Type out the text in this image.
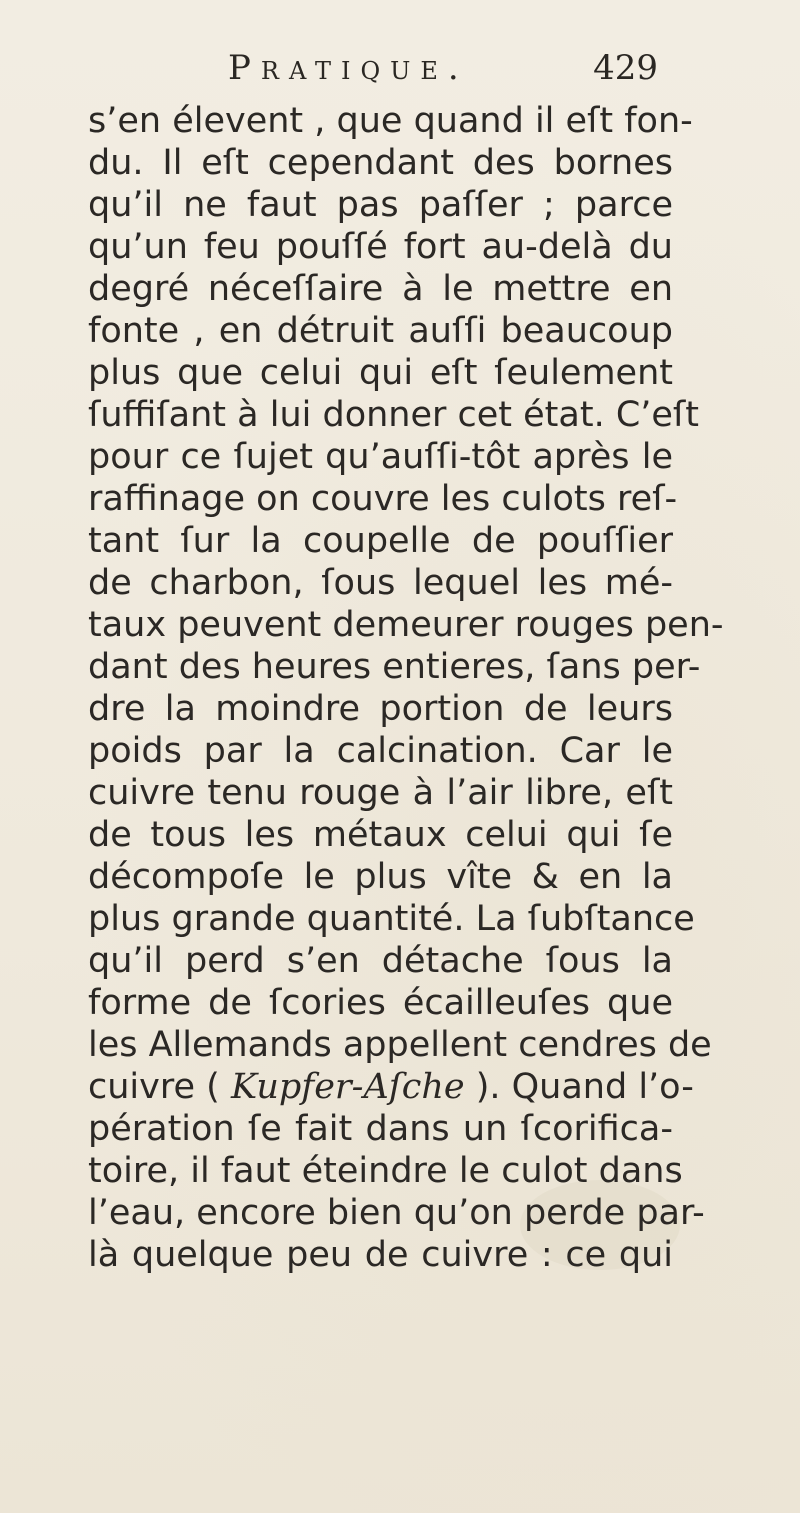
Pratique.	429
s’en élevent , que quand il eſt fon-
du. Il eſt cependant des bornes
qu’il ne faut pas paſſer ; parce
qu’un feu pouſſé fort au-delà du
degré néceſſaire à le mettre en
fonte , en détruit auſſi beaucoup
plus que celui qui eſt ſeulement
ſuffiſant à lui donner cet état. C’eſt
pour ce ſujet qu’auſſi-tôt après le
raffinage on couvre les culots reſ-
tant ſur la coupelle de pouſſier
de charbon, ſous lequel les mé-
taux peuvent demeurer rouges pen-
dant des heures entieres, ſans per-
dre la moindre portion de leurs
poids par la calcination. Car le
cuivre tenu rouge à l’air libre, eſt
de tous les métaux celui qui ſe
décompoſe le plus vîte & en la
plus grande quantité. La ſubſtance
qu’il perd s’en détache ſous la
forme de ſcories écailleuſes que
les Allemands appellent cendres de
cuivre ( Kupfer-Aſche ). Quand l’o-
pération ſe fait dans un ſcorifica-
toire, il faut éteindre le culot dans
l’eau, encore bien qu’on perde par-
là quelque peu de cuivre : ce qui
